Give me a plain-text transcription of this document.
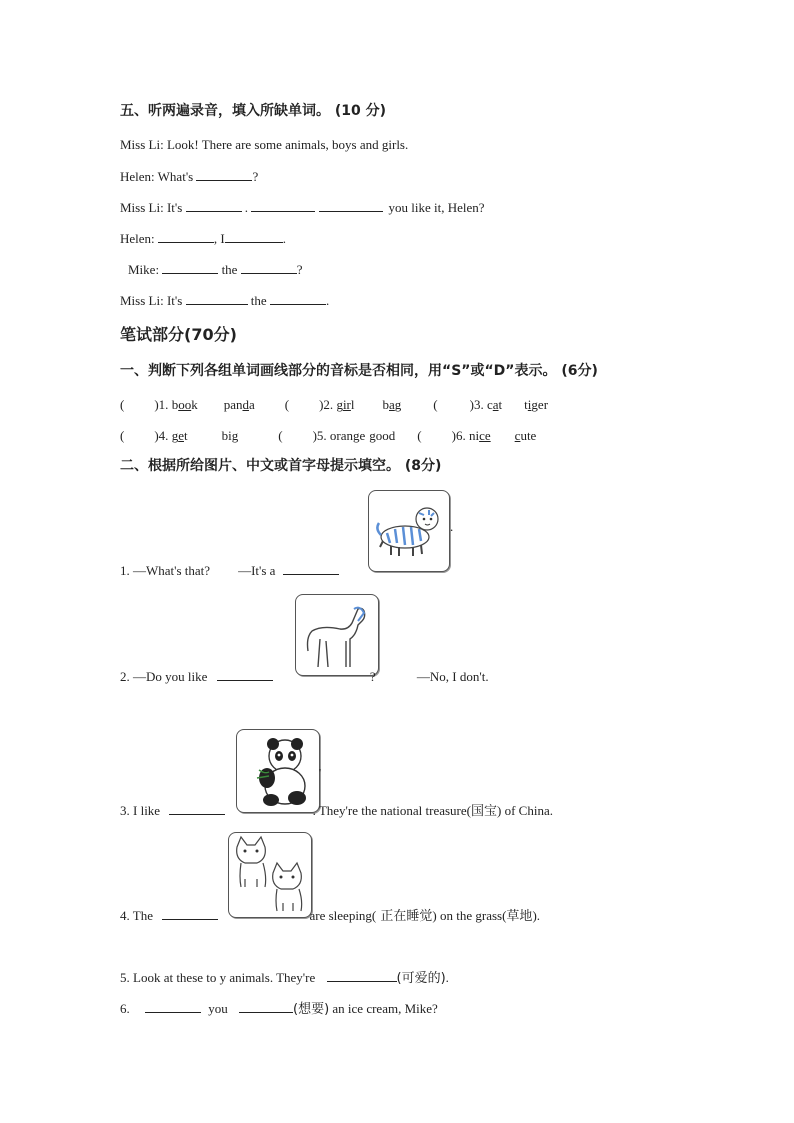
五、听两遍录音，填入所缺单词。 (10 分)
Miss Li: Look! There are some animals, boys and girls.
Helen: What's	?
Miss Li: It's	.	you like it, Helen?
Helen:	, I	.
Mike:	the	?
Miss Li: It's	the	.
笔试部分(70分)
一、判断下列各组单词画线部分的音标是否相同，用“S”或“D”表示。 (6分)
( )1. book panda ( )2. girl bag ( )3. cat tiger
( )4. get	big	( )5. orange good ( )6. nice cute
二、根据所给图片、中文或首字母提示填空。 (8分)
.
1. —What's that? —It's a
2. —Do you like	?	—No, I don't.
'
3. I like	. They're the national treasure(国宝) of China.
4. The	are sleeping( 正在睡觉) on the grass(草地).
5. Look at these to y animals. They're	(可爱的).
6.	you	(想要) an ice cream, Mike?
